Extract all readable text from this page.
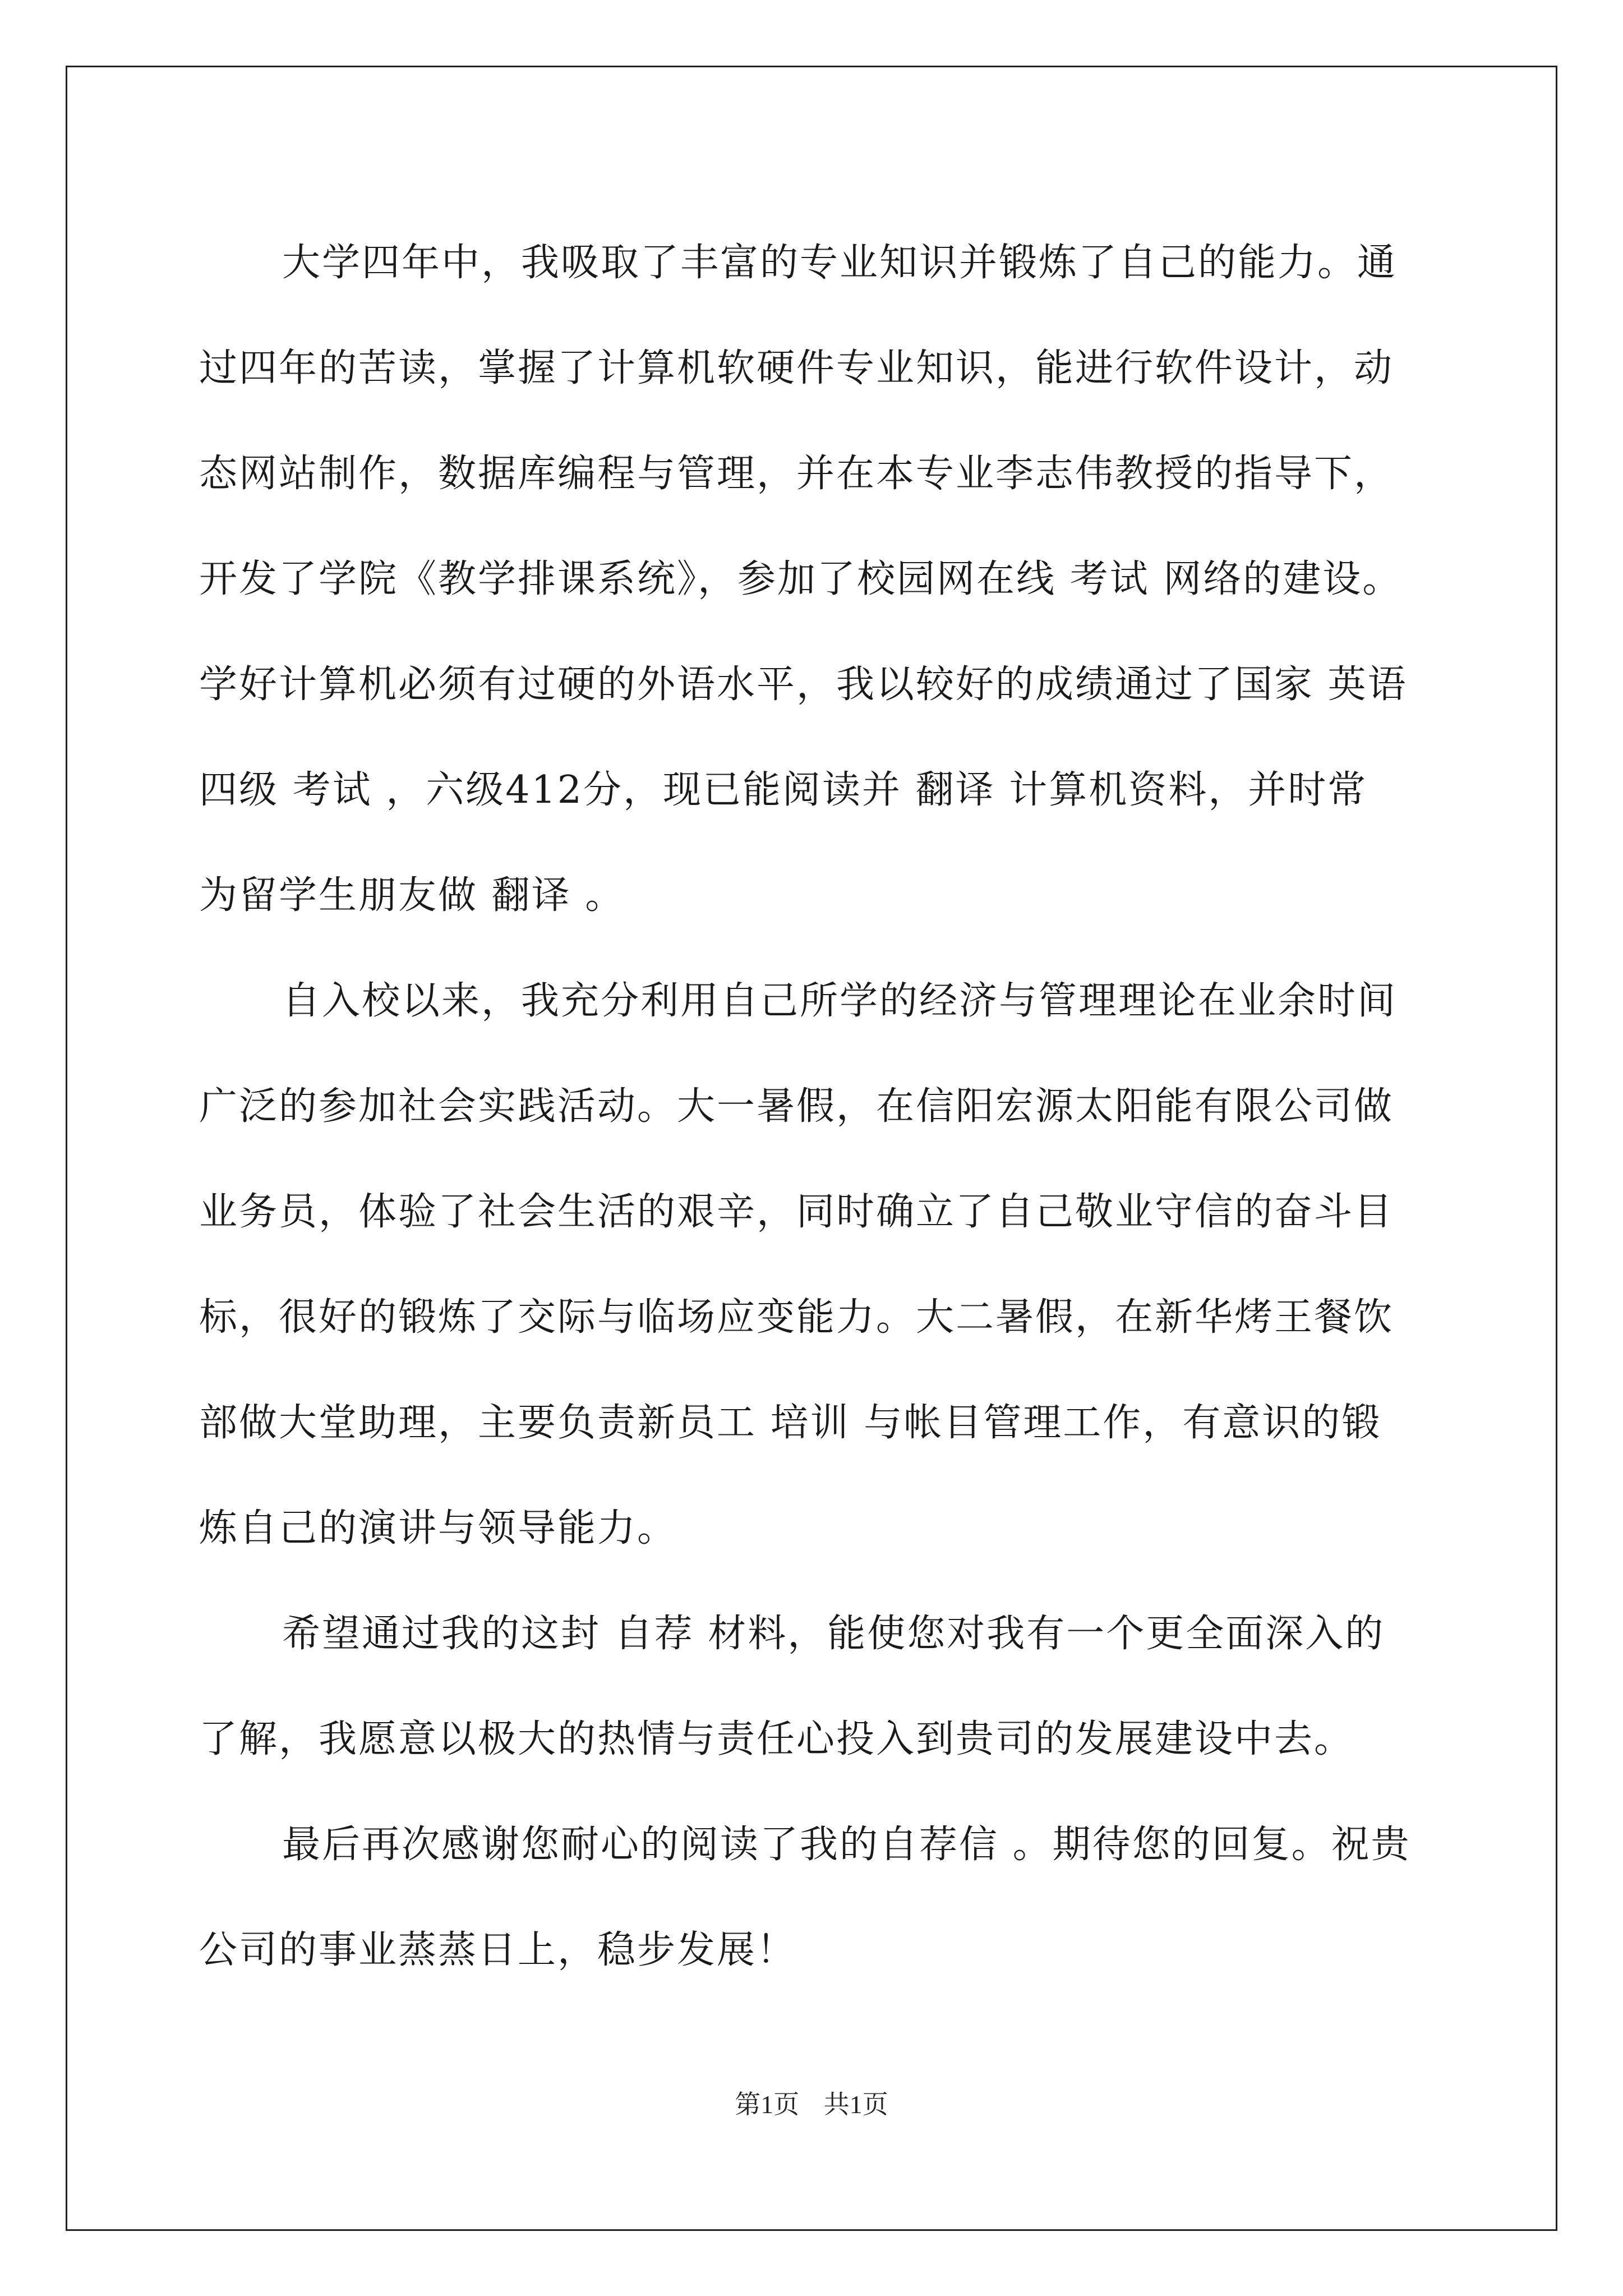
大学四年中，我吸取了丰富的专业知识并锻炼了自己的能力。通

过四年的苦读，掌握了计算机软硬件专业知识，能进行软件设计，动

态网站制作，数据库编程与管理，并在本专业李志伟教授的指导下，

开发了学院《教学排课系统》，参加了校园网在线 考试 网络的建设。

学好计算机必须有过硬的外语水平，我以较好的成绩通过了国家 英语

四级 考试 ，六级412分，现已能阅读并 翻译 计算机资料，并时常

为留学生朋友做 翻译 。

自入校以来，我充分利用自己所学的经济与管理理论在业余时间

广泛的参加社会实践活动。大一暑假，在信阳宏源太阳能有限公司做

业务员，体验了社会生活的艰辛，同时确立了自己敬业守信的奋斗目

标，很好的锻炼了交际与临场应变能力。大二暑假，在新华烤王餐饮

部做大堂助理，主要负责新员工 培训 与帐目管理工作，有意识的锻

炼自己的演讲与领导能力。

希望通过我的这封 自荐 材料，能使您对我有一个更全面深入的

了解，我愿意以极大的热情与责任心投入到贵司的发展建设中去。

最后再次感谢您耐心的阅读了我的自荐信 。期待您的回复。祝贵

公司的事业蒸蒸日上，稳步发展！

第1页 共1页
